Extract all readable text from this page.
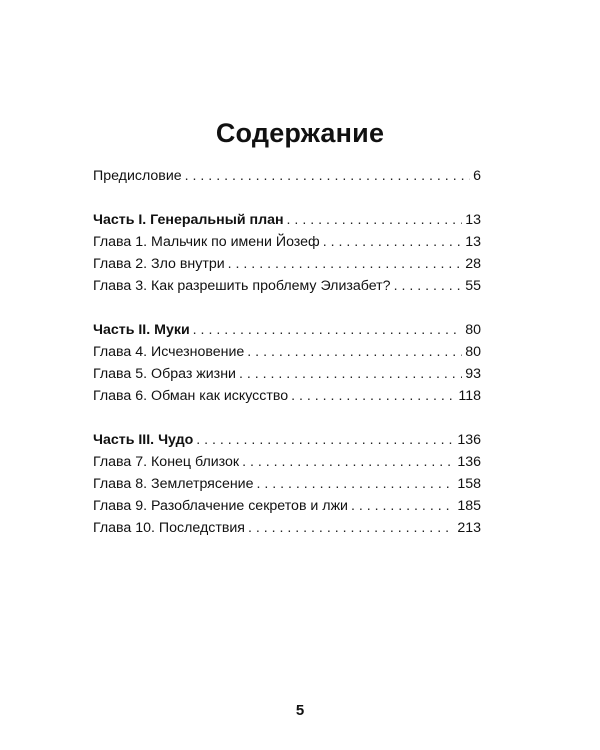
Содержание
Предисловие . . .	6
Часть I. Генеральный план . . .	13
Глава 1. Мальчик по имени Йозеф . . .	13
Глава 2. Зло внутри . . .	28
Глава 3. Как разрешить проблему Элизабет? . . .	55
Часть II. Муки . . .	80
Глава 4. Исчезновение . . .	80
Глава 5. Образ жизни . . .	93
Глава 6. Обман как искусство . . .	118
Часть III. Чудо . . .	136
Глава 7. Конец близок . . .	136
Глава 8. Землетрясение . . .	158
Глава 9. Разоблачение секретов и лжи . . .	185
Глава 10. Последствия . . .	213
5
